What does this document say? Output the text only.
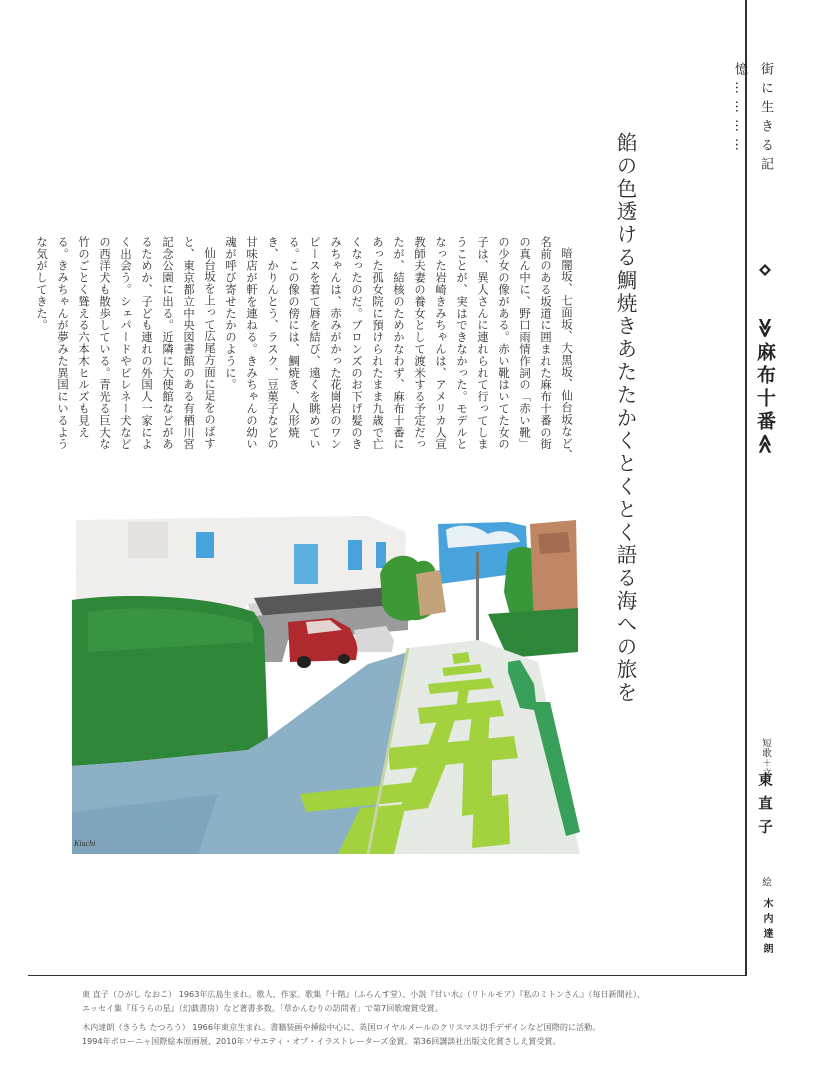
街に生きる記憶…………
≫麻布十番≪
短歌＋文
東直子
絵
木内達朗
餡の色透ける鯛焼きあたたかくとくとく語る海への旅を

暗闇坂、七面坂、大黒坂、仙台坂など、名前のある坂道に囲まれた麻布十番の街の真ん中に、野口雨情作詞の「赤い靴」の少女の像がある。赤い靴はいてた女の子は、異人さんに連れられて行ってしまうことが、実はできなかった。モデルとなった岩崎きみちゃんは、アメリカ人宣教師夫妻の養女として渡米する予定だったが、結核のためかなわず、麻布十番にあった孤女院に預けられたまま九歳で亡くなったのだ。ブロンズのお下げ髪のきみちゃんは、赤みがかった花崗岩のワンピースを着て唇を結び、遠くを眺めている。この像の傍には、鯛焼き、人形焼き、かりんとう、ラスク、豆菓子などの甘味店が軒を連ねる。きみちゃんの幼い魂が呼び寄せたかのように。

仙台坂を上って広尾方面に足をのばすと、東京都立中央図書館のある有栖川宮記念公園に出る。近隣に大使館などがあるためか、子ども連れの外国人一家によく出会う。シェパードやピレネー犬などの西洋犬も散歩している。青光る巨大な竹のごとく聳える六本木ヒルズも見える。きみちゃんが夢みた異国にいるような気がしてきた。

Kiuchi

東 直子（ひがし なおこ） 1963年広島生まれ。歌人、作家。歌集『十階』（ふらんす堂）、小説『甘い水』（リトルモア）『私のミトンさん』（毎日新聞社）、

エッセイ集『耳うらの星』（幻戯書房）など著書多数。「草かんむりの訪問者」で第7回歌壇賞受賞。

木内達朗（きうち たつろう） 1966年東京生まれ。書籍装画や挿絵中心に、英国ロイヤルメールのクリスマス切手デザインなど国際的に活動。

1994年ボローニャ国際絵本原画展、2010年ソサエティ・オブ・イラストレーターズ金賞。第36回講談社出版文化賞さしえ賞受賞。
